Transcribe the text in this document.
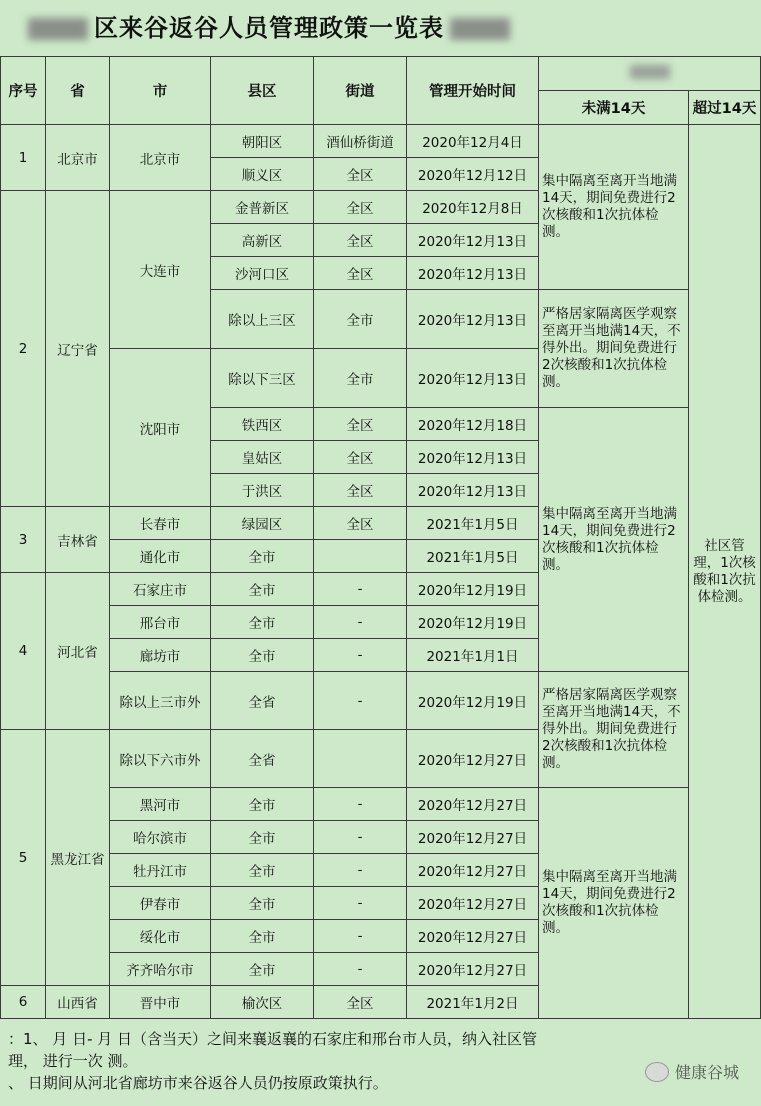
区来谷返谷人员管理政策一览表
序号	省	市	县区	街道	管理开始时间		
						未满14天	超过14天
1	北京市	北京市	朝阳区	酒仙桥街道	2020年12月4日	集中隔离至离开当地满14天，期间免费进行2次核酸和1次抗体检测。	社区管理，1次核酸和1次抗体检测。
			顺义区	全区	2020年12月12日		
2	辽宁省	大连市	金普新区	全区	2020年12月8日		
			高新区	全区	2020年12月13日		
			沙河口区	全区	2020年12月13日		
			除以上三区	全市	2020年12月13日	严格居家隔离医学观察至离开当地满14天，不得外出。期间免费进行2次核酸和1次抗体检测。	
		沈阳市	除以下三区	全市	2020年12月13日		
			铁西区	全区	2020年12月18日	集中隔离至离开当地满14天，期间免费进行2次核酸和1次抗体检测。	
			皇姑区	全区	2020年12月13日		
			于洪区	全区	2020年12月13日		
3	吉林省	长春市	绿园区	全区	2021年1月5日		
		通化市	全市		2021年1月5日		
4	河北省	石家庄市	全市	-	2020年12月19日		
		邢台市	全市	-	2020年12月19日		
		廊坊市	全市	-	2021年1月1日		
		除以上三市外	全省	-	2020年12月19日	严格居家隔离医学观察至离开当地满14天，不得外出。期间免费进行2次核酸和1次抗体检测。	
5	黑龙江省	除以下六市外	全省		2020年12月27日		
		黑河市	全市	-	2020年12月27日	集中隔离至离开当地满14天，期间免费进行2次核酸和1次抗体检测。	
		哈尔滨市	全市	-	2020年12月27日		
		牡丹江市	全市	-	2020年12月27日		
		伊春市	全市	-	2020年12月27日		
		绥化市	全市	-	2020年12月27日		
		齐齐哈尔市	全市	-	2020年12月27日		
6	山西省	晋中市	榆次区	全区	2021年1月2日		
：1、 月 日- 月 日（含当天）之间来襄返襄的石家庄和邢台市人员，纳入社区管
理， 进行一次 测。
、 日期间从河北省廊坊市来谷返谷人员仍按原政策执行。
健康谷城
